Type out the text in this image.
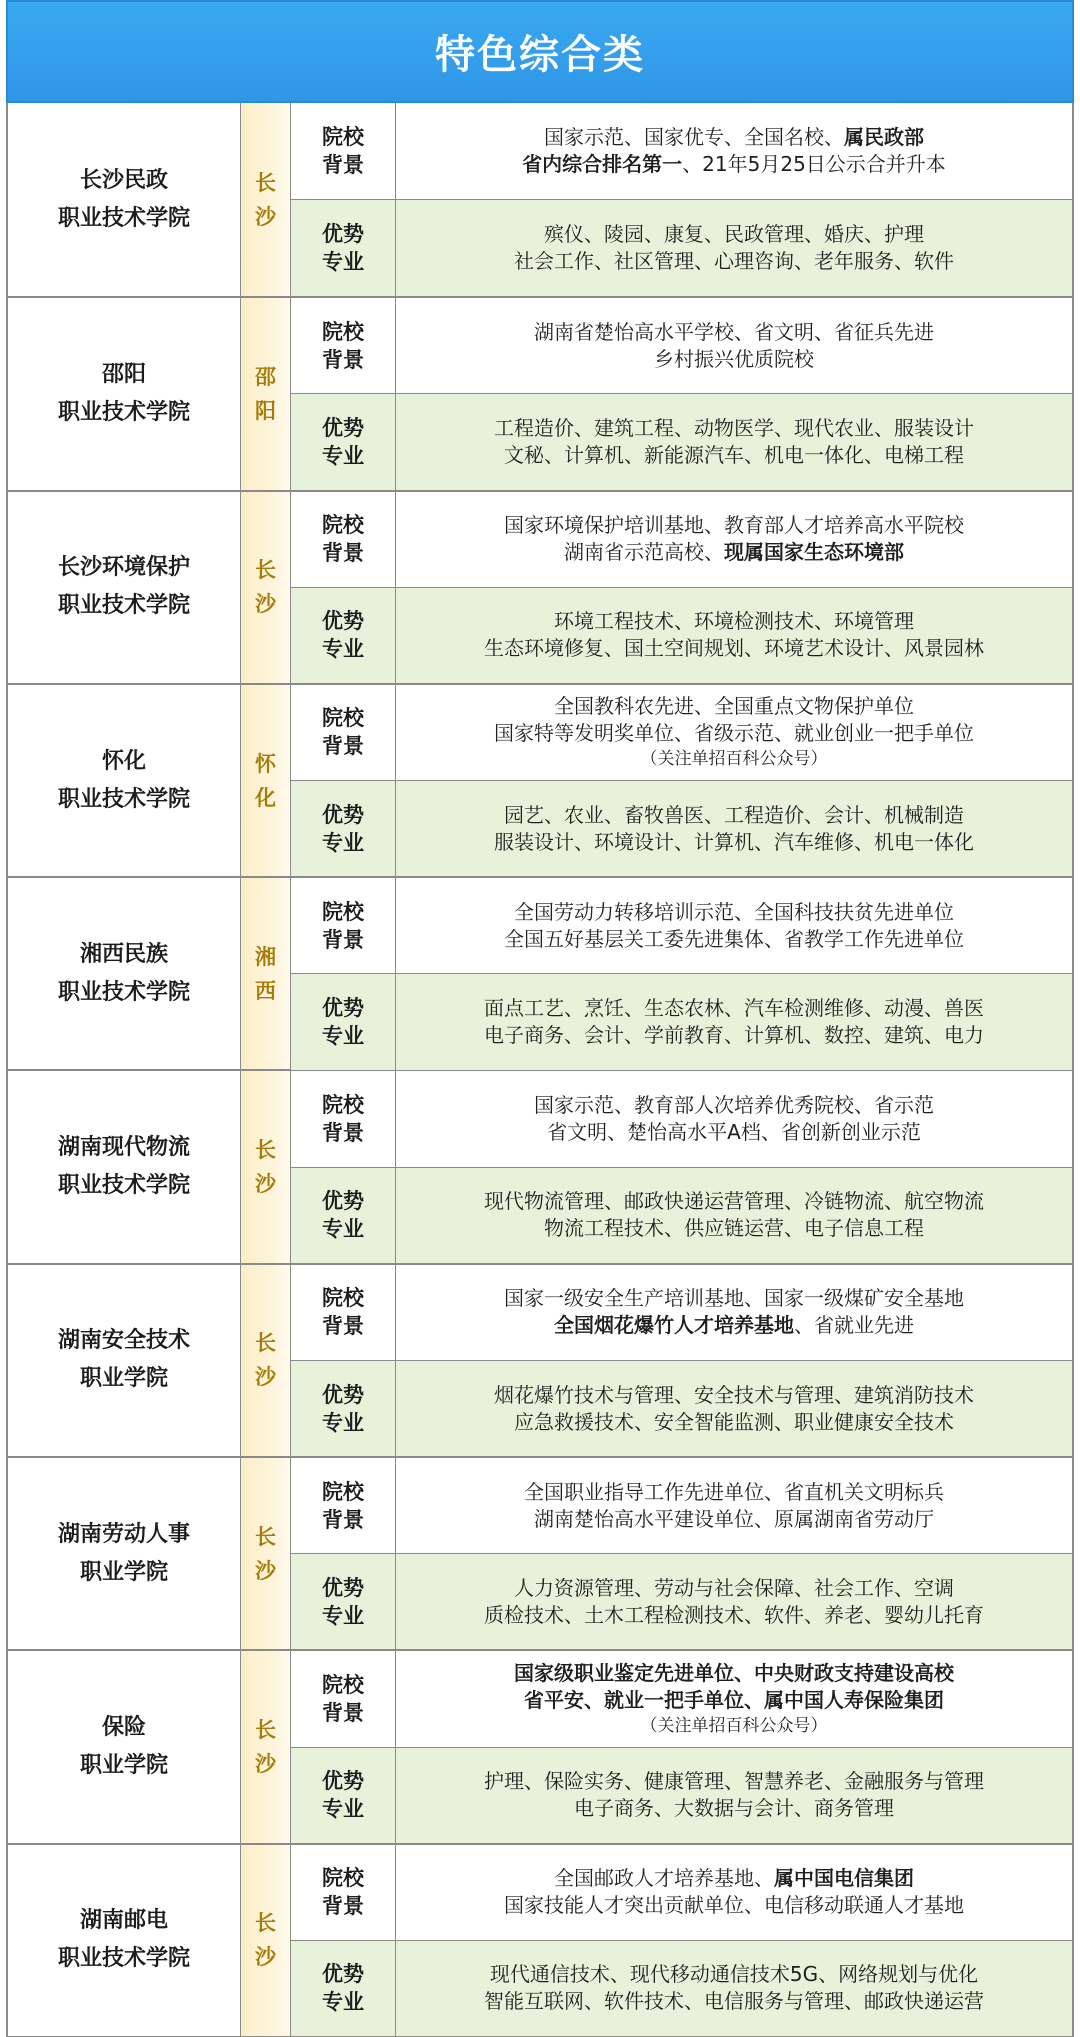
特色综合类
长沙民政
职业技术学院
长
沙
院校
背景
国家示范、国家优专、全国名校、属民政部
省内综合排名第一、21年5月25日公示合并升本
优势
专业
殡仪、陵园、康复、民政管理、婚庆、护理
社会工作、社区管理、心理咨询、老年服务、软件
邵阳
职业技术学院
邵
阳
院校
背景
湖南省楚怡高水平学校、省文明、省征兵先进
乡村振兴优质院校
优势
专业
工程造价、建筑工程、动物医学、现代农业、服装设计
文秘、计算机、新能源汽车、机电一体化、电梯工程
长沙环境保护
职业技术学院
长
沙
院校
背景
国家环境保护培训基地、教育部人才培养高水平院校
湖南省示范高校、现属国家生态环境部
优势
专业
环境工程技术、环境检测技术、环境管理
生态环境修复、国土空间规划、环境艺术设计、风景园林
怀化
职业技术学院
怀
化
院校
背景
全国教科农先进、全国重点文物保护单位
国家特等发明奖单位、省级示范、就业创业一把手单位
（关注单招百科公众号）
优势
专业
园艺、农业、畜牧兽医、工程造价、会计、机械制造
服装设计、环境设计、计算机、汽车维修、机电一体化
湘西民族
职业技术学院
湘
西
院校
背景
全国劳动力转移培训示范、全国科技扶贫先进单位
全国五好基层关工委先进集体、省教学工作先进单位
优势
专业
面点工艺、烹饪、生态农林、汽车检测维修、动漫、兽医
电子商务、会计、学前教育、计算机、数控、建筑、电力
湖南现代物流
职业技术学院
长
沙
院校
背景
国家示范、教育部人次培养优秀院校、省示范
省文明、楚怡高水平A档、省创新创业示范
优势
专业
现代物流管理、邮政快递运营管理、冷链物流、航空物流
物流工程技术、供应链运营、电子信息工程
湖南安全技术
职业学院
长
沙
院校
背景
国家一级安全生产培训基地、国家一级煤矿安全基地
全国烟花爆竹人才培养基地、省就业先进
优势
专业
烟花爆竹技术与管理、安全技术与管理、建筑消防技术
应急救援技术、安全智能监测、职业健康安全技术
湖南劳动人事
职业学院
长
沙
院校
背景
全国职业指导工作先进单位、省直机关文明标兵
湖南楚怡高水平建设单位、原属湖南省劳动厅
优势
专业
人力资源管理、劳动与社会保障、社会工作、空调
质检技术、土木工程检测技术、软件、养老、婴幼儿托育
保险
职业学院
长
沙
院校
背景
国家级职业鉴定先进单位、中央财政支持建设高校
省平安、就业一把手单位、属中国人寿保险集团
（关注单招百科公众号）
优势
专业
护理、保险实务、健康管理、智慧养老、金融服务与管理
电子商务、大数据与会计、商务管理
湖南邮电
职业技术学院
长
沙
院校
背景
全国邮政人才培养基地、属中国电信集团
国家技能人才突出贡献单位、电信移动联通人才基地
优势
专业
现代通信技术、现代移动通信技术5G、网络规划与优化
智能互联网、软件技术、电信服务与管理、邮政快递运营
